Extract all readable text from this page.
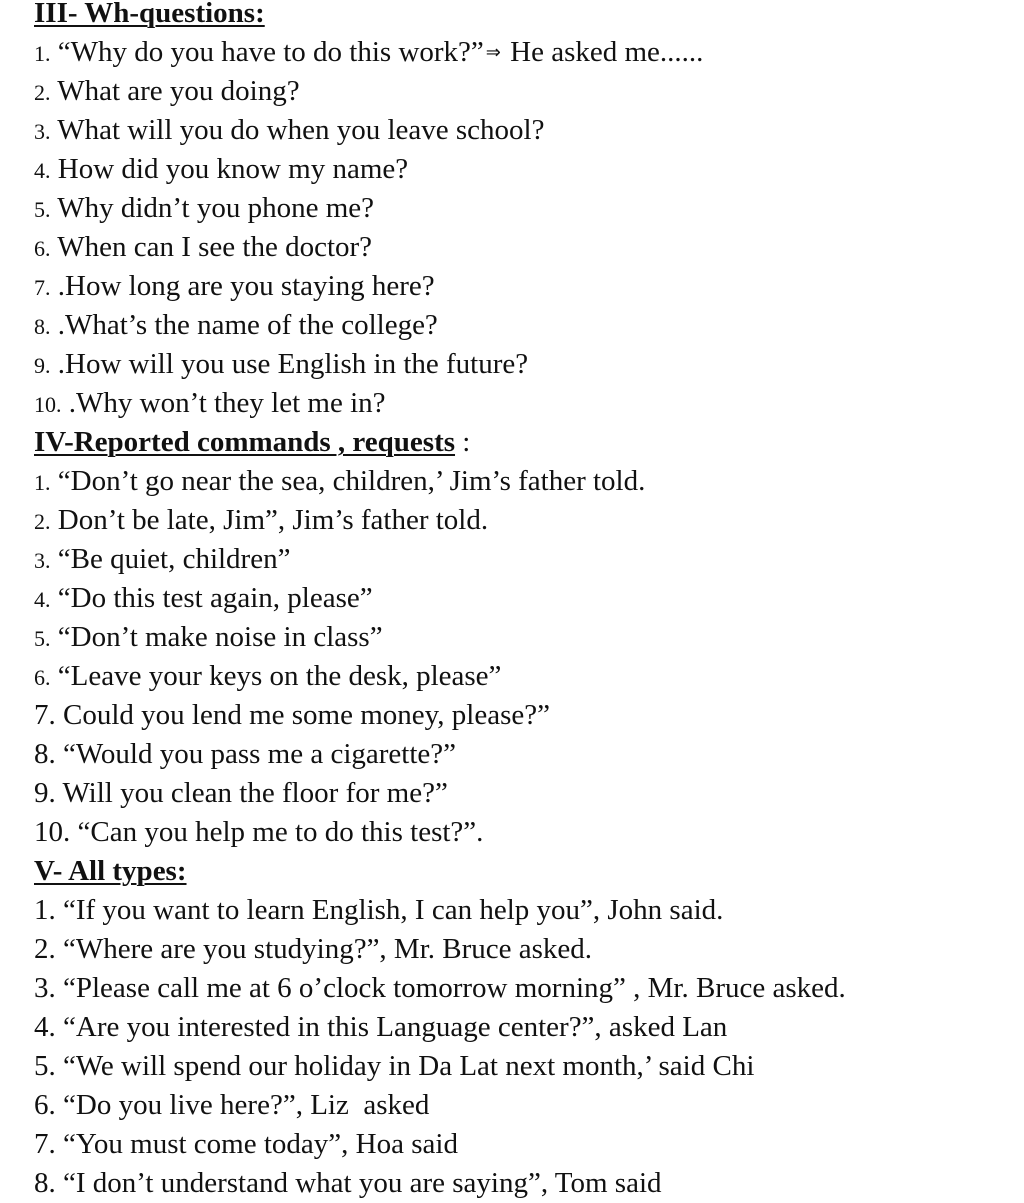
III- Wh-questions:
1. “Why do you have to do this work?” ⇒ He asked me......
2. What are you doing?
3. What will you do when you leave school?
4. How did you know my name?
5. Why didn’t you phone me?
6. When can I see the doctor?
7. .How long are you staying here?
8. .What’s the name of the college?
9. .How will you use English in the future?
10. .Why won’t they let me in?
IV-Reported commands , requests :
1. “Don’t go near the sea, children,’ Jim’s father told.
2. Don’t be late, Jim”, Jim’s father told.
3. “Be quiet, children”
4. “Do this test again, please”
5. “Don’t make noise in class”
6. “Leave your keys on the desk, please”
7. Could you lend me some money, please?”
8. “Would you pass me a cigarette?”
9. Will you clean the floor for me?”
10. “Can you help me to do this test?”.
V- All types:
1. “If you want to learn English, I can help you”, John said.
2. “Where are you studying?”, Mr. Bruce asked.
3. “Please call me at 6 o’clock tomorrow morning” , Mr. Bruce asked.
4. “Are you interested in this Language center?”, asked Lan
5. “We will spend our holiday in Da Lat next month,’ said Chi
6. “Do you live here?”, Liz  asked
7. “You must come today”, Hoa said
8. “I don’t understand what you are saying”, Tom said
